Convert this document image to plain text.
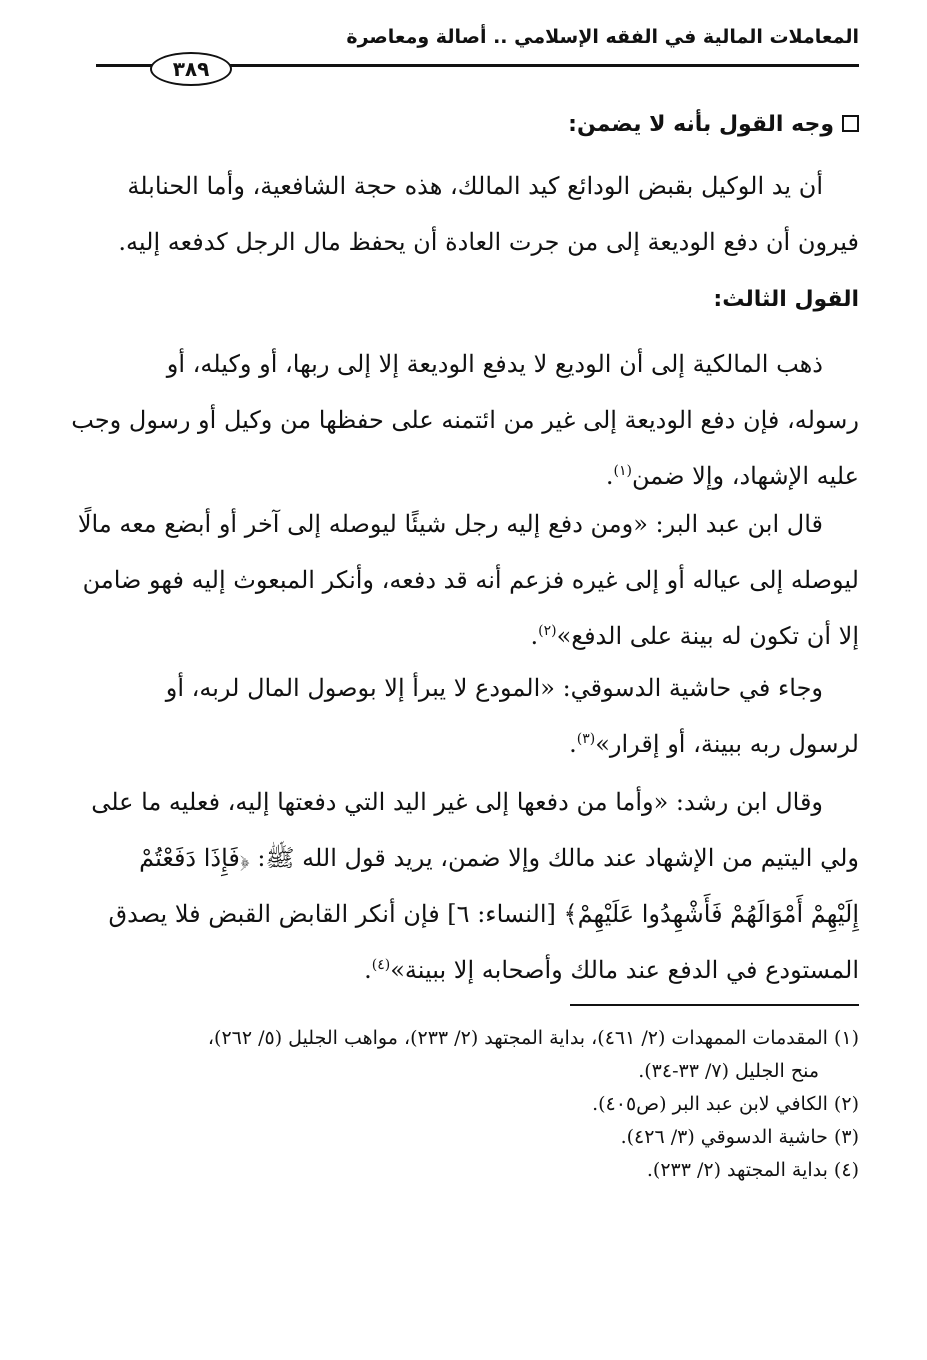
المعاملات المالية في الفقه الإسلامي .. أصالة ومعاصرة
٣٨٩
وجه القول بأنه لا يضمن:
أن يد الوكيل بقبض الودائع كيد المالك، هذه حجة الشافعية، وأما الحنابلة
فيرون أن دفع الوديعة إلى من جرت العادة أن يحفظ مال الرجل كدفعه إليه.
القول الثالث:
ذهب المالكية إلى أن الوديع لا يدفع الوديعة إلا إلى ربها، أو وكيله، أو
رسوله، فإن دفع الوديعة إلى غير من ائتمنه على حفظها من وكيل أو رسول وجب
عليه الإشهاد، وإلا ضمن$^{(١)}$.
قال ابن عبد البر: «ومن دفع إليه رجل شيئًا ليوصله إلى آخر أو أبضع معه مالًا
ليوصله إلى عياله أو إلى غيره فزعم أنه قد دفعه، وأنكر المبعوث إليه فهو ضامن
إلا أن تكون له بينة على الدفع»$^{(٢)}$.
وجاء في حاشية الدسوقي: «المودع لا يبرأ إلا بوصول المال لربه، أو
لرسول ربه ببينة، أو إقرار»$^{(٣)}$.
وقال ابن رشد: «وأما من دفعها إلى غير اليد التي دفعتها إليه، فعليه ما على
ولي اليتيم من الإشهاد عند مالك وإلا ضمن، يريد قول الله ﷺ: ﴿فَإِذَا دَفَعْتُمْ
إِلَيْهِمْ أَمْوَالَهُمْ فَأَشْهِدُوا عَلَيْهِمْ﴾ [النساء: ٦] فإن أنكر القابض القبض فلا يصدق
المستودع في الدفع عند مالك وأصحابه إلا ببينة»$^{(٤)}$.
(١) المقدمات الممهدات (٢/ ٤٦١)، بداية المجتهد (٢/ ٢٣٣)، مواهب الجليل (٥/ ٢٦٢)،
منح الجليل (٧/ ٣٣-٣٤).
(٢) الكافي لابن عبد البر (ص٤٠٥).
(٣) حاشية الدسوقي (٣/ ٤٢٦).
(٤) بداية المجتهد (٢/ ٢٣٣).
